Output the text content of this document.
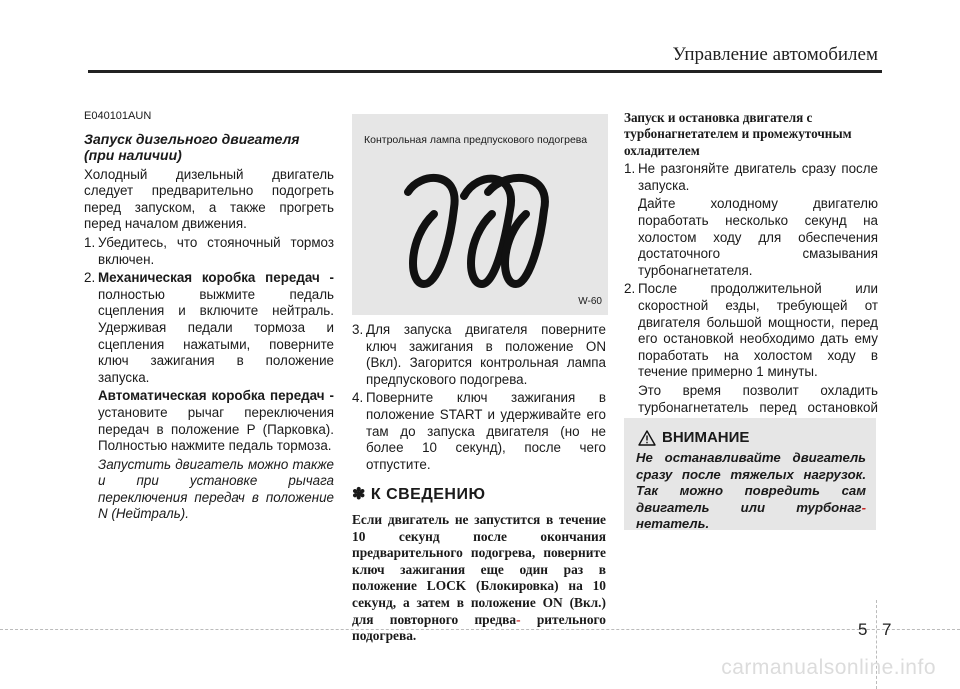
Управление автомобилем
E040101AUN
Запуск дизельного двигателя
(при наличии)

Холодный дизельный двигатель следует предварительно подогреть перед запуском, а также прогреть перед началом движения.

1. Убедитесь, что стояночный тормоз включен.
2. Механическая коробка передач - полностью выжмите педаль сцепления и включите нейтраль. Удерживая педали тормоза и сцепления нажатыми, поверните ключ зажигания в положение запуска.
Автоматическая коробка передач - установите рычаг переключения передач в положение P (Парковка). Полностью нажмите педаль тормоза.
Запустить двигатель можно также и при установке рычага переключения передач в положение N (Нейтраль).
Контрольная лампа предпускового подогрева
W-60
3. Для запуска двигателя поверните ключ зажигания в положение ON (Вкл). Загорится контрольная лампа предпускового подогрева.
4. Поверните ключ зажигания в положение START и удерживайте его там до запуска двигателя (но не более 10 секунд), после чего отпустите.
✽ К СВЕДЕНИЮ

Если двигатель не запустится в течение 10 секунд после окончания предварительного подогрева, поверните ключ зажигания еще один раз в положение LOCK (Блокировка) на 10 секунд, а затем в положение ON (Вкл.) для повторного предва- рительного подогрева.

Запуск и остановка двигателя с турбонагнетателем и промежуточным охладителем
1. Не разгоняйте двигатель сразу после запуска.
Дайте холодному двигателю поработать несколько секунд на холостом ходу для обеспечения достаточного смазывания турбонагнетателя.
2. После продолжительной или скоростной езды, требующей от двигателя большой мощности, перед его остановкой необходимо дать ему поработать на холостом ходу в течение примерно 1 минуты.
Это время позволит охладить турбонагнетатель перед остановкой
ВНИМАНИЕ
Не останавливайте двигатель сразу после тяжелых нагрузок. Так можно повредить сам двигатель или турбонаг- нетатель.
5 7
carmanualsonline.info
